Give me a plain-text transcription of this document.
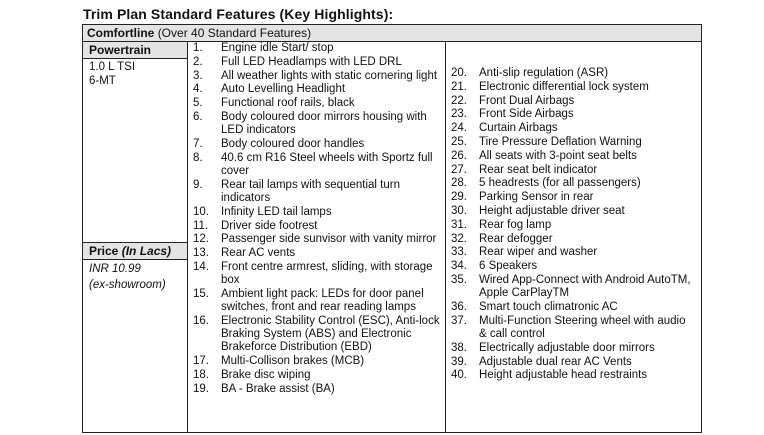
Trim Plan Standard Features (Key Highlights):
Comfortline (Over 40 Standard Features)
Powertrain
1.0 L TSI
6-MT
Price (In Lacs)
INR 10.99
(ex-showroom)
1.	Engine idle Start/ stop
2.	Full LED Headlamps with LED DRL
3.	All weather lights with static cornering light
4.	Auto Levelling Headlight
5.	Functional roof rails, black
6.	Body coloured door mirrors housing with LED indicators
7.	Body coloured door handles
8.	40.6 cm R16 Steel wheels with Sportz full cover
9.	Rear tail lamps with sequential turn indicators
10.	Infinity LED tail lamps
11.	Driver side footrest
12.	Passenger side sunvisor with vanity mirror
13.	Rear AC vents
14.	Front centre armrest, sliding, with storage box
15.	Ambient light pack: LEDs for door panel switches, front and rear reading lamps
16.	Electronic Stability Control (ESC), Anti-lock Braking System (ABS) and Electronic Brakeforce Distribution (EBD)
17.	Multi-Collison brakes (MCB)
18.	Brake disc wiping
19.	BA - Brake assist (BA)
20.	Anti-slip regulation (ASR)
21.	Electronic differential lock system
22.	Front Dual Airbags
23.	Front Side Airbags
24.	Curtain Airbags
25.	Tire Pressure Deflation Warning
26.	All seats with 3-point seat belts
27.	Rear seat belt indicator
28.	5 headrests (for all passengers)
29.	Parking Sensor in rear
30.	Height adjustable driver seat
31.	Rear fog lamp
32.	Rear defogger
33.	Rear wiper and washer
34.	6 Speakers
35.	Wired App-Connect with Android AutoTM, Apple CarPlayTM
36.	Smart touch climatronic AC
37.	Multi-Function Steering wheel with audio & call control
38.	Electrically adjustable door mirrors
39.	Adjustable dual rear AC Vents
40.	Height adjustable head restraints
